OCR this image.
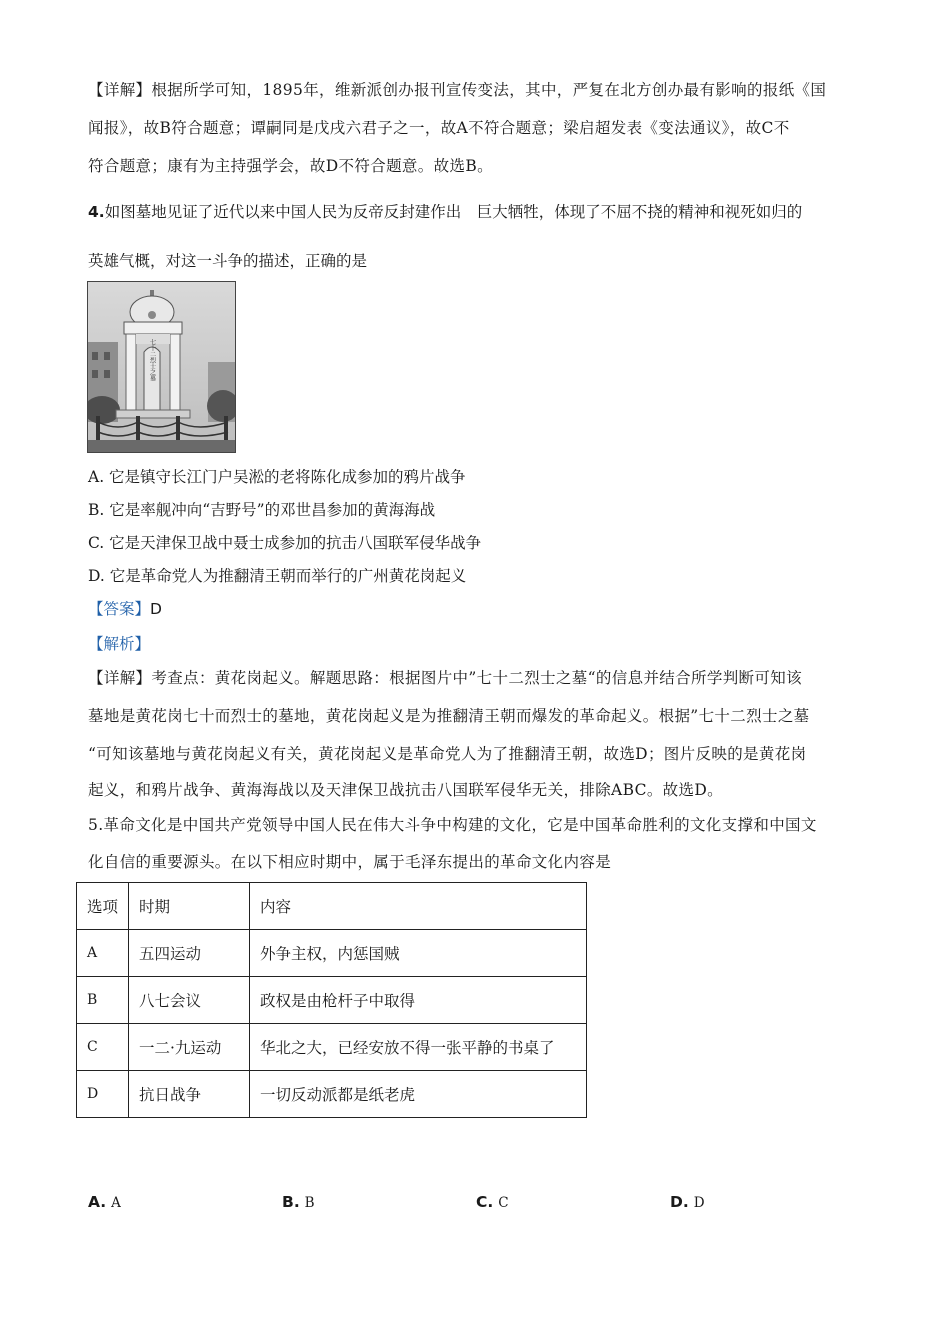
【详解】根据所学可知，1895年，维新派创办报刊宣传变法，其中，严复在北方创办最有影响的报纸《国
闻报》，故B符合题意；谭嗣同是戊戌六君子之一，故A不符合题意；梁启超发表《变法通议》，故C不
符合题意；康有为主持强学会，故D不符合题意。故选B。
4.如图墓地见证了近代以来中国人民为反帝反封建作出　巨大牺牲，体现了不屈不挠的精神和视死如归的
英雄气概，对这一斗争的描述，正确的是
七十二烈士之墓
A. 它是镇守长江门户吴淞的老将陈化成参加的鸦片战争
B. 它是率舰冲向“吉野号”的邓世昌参加的黄海海战
C. 它是天津保卫战中聂士成参加的抗击八国联军侵华战争
D. 它是革命党人为推翻清王朝而举行的广州黄花岗起义
【答案】D
【解析】
【详解】考查点：黄花岗起义。解题思路：根据图片中”七十二烈士之墓“的信息并结合所学判断可知该
墓地是黄花岗七十而烈士的墓地，黄花岗起义是为推翻清王朝而爆发的革命起义。根据”七十二烈士之墓
“可知该墓地与黄花岗起义有关，黄花岗起义是革命党人为了推翻清王朝，故选D；图片反映的是黄花岗
起义，和鸦片战争、黄海海战以及天津保卫战抗击八国联军侵华无关，排除ABC。故选D。
5.革命文化是中国共产党领导中国人民在伟大斗争中构建的文化，它是中国革命胜利的文化支撑和中国文
化自信的重要源头。在以下相应时期中，属于毛泽东提出的革命文化内容是
选项	时期	内容
A	五四运动	外争主权，内惩国贼
B	八七会议	政权是由枪杆子中取得
C	一二·九运动	华北之大，已经安放不得一张平静的书桌了
D	抗日战争	一切反动派都是纸老虎
A. A	B. B	C. C	D. D
